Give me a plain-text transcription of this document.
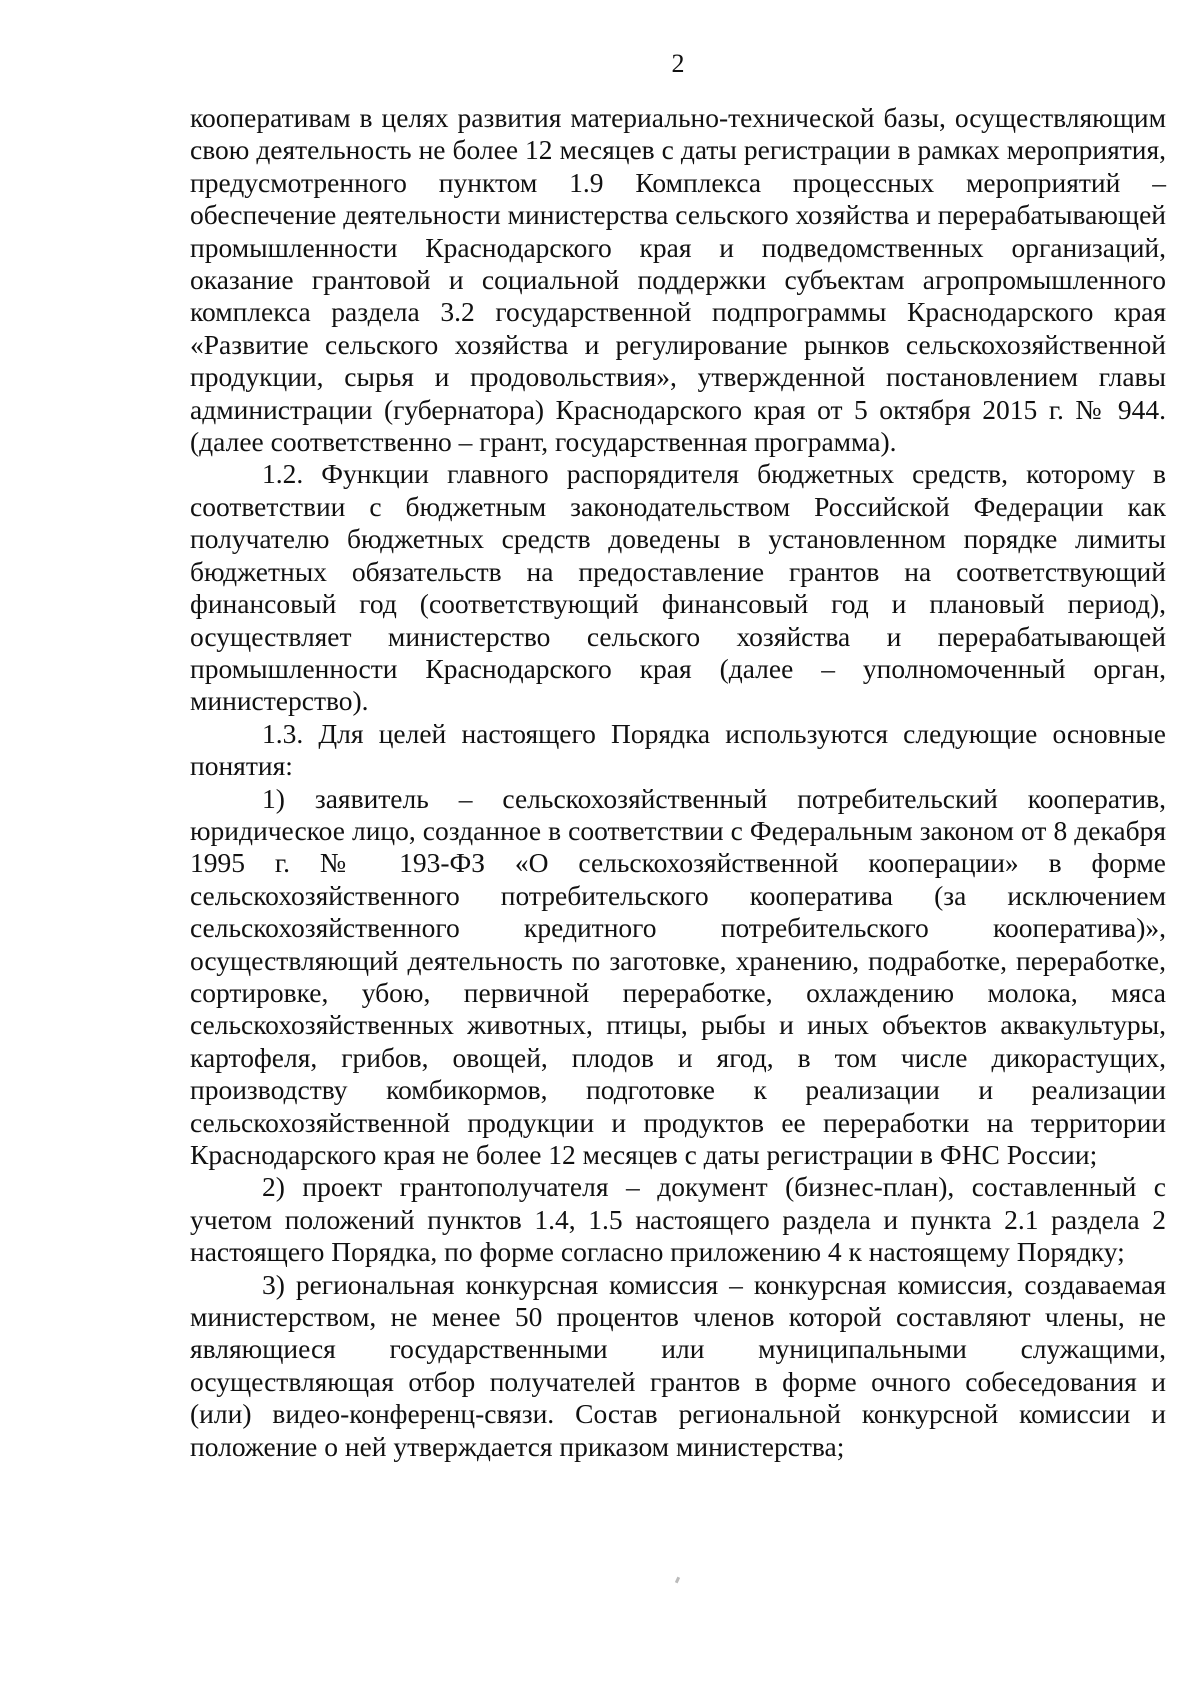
2

кооперативам в целях развития материально-технической базы, осуществляющим свою деятельность не более 12 месяцев с даты регистрации в рамках мероприятия, предусмотренного пунктом 1.9 Комплекса процессных мероприятий – обеспечение деятельности министерства сельского хозяйства и перерабатывающей промышленности Краснодарского края и подведомственных организаций, оказание грантовой и социальной поддержки субъектам агропромышленного комплекса раздела 3.2 государственной подпрограммы Краснодарского края «Развитие сельского хозяйства и регулирование рынков сельскохозяйственной продукции, сырья и продовольствия», утвержденной постановлением главы администрации (губернатора) Краснодарского края от 5 октября 2015 г. № 944. (далее соответственно – грант, государственная программа).

1.2. Функции главного распорядителя бюджетных средств, которому в соответствии с бюджетным законодательством Российской Федерации как получателю бюджетных средств доведены в установленном порядке лимиты бюджетных обязательств на предоставление грантов на соответствующий финансовый год (соответствующий финансовый год и плановый период), осуществляет министерство сельского хозяйства и перерабатывающей промышленности Краснодарского края (далее – уполномоченный орган, министерство).

1.3. Для целей настоящего Порядка используются следующие основные понятия:

1) заявитель – сельскохозяйственный потребительский кооператив, юридическое лицо, созданное в соответствии с Федеральным законом от 8 декабря 1995 г. № 193-ФЗ «О сельскохозяйственной кооперации» в форме сельскохозяйственного потребительского кооператива (за исключением сельскохозяйственного кредитного потребительского кооператива)», осуществляющий деятельность по заготовке, хранению, подработке, переработке, сортировке, убою, первичной переработке, охлаждению молока, мяса сельскохозяйственных животных, птицы, рыбы и иных объектов аквакультуры, картофеля, грибов, овощей, плодов и ягод, в том числе дикорастущих, производству комбикормов, подготовке к реализации и реализации сельскохозяйственной продукции и продуктов ее переработки на территории Краснодарского края не более 12 месяцев с даты регистрации в ФНС России;

2) проект грантополучателя – документ (бизнес-план), составленный с учетом положений пунктов 1.4, 1.5 настоящего раздела и пункта 2.1 раздела 2 настоящего Порядка, по форме согласно приложению 4 к настоящему Порядку;

3) региональная конкурсная комиссия – конкурсная комиссия, создаваемая министерством, не менее 50 процентов членов которой составляют члены, не являющиеся государственными или муниципальными служащими, осуществляющая отбор получателей грантов в форме очного собеседования и (или) видео-конференц-связи. Состав региональной конкурсной комиссии и положение о ней утверждается приказом министерства;
